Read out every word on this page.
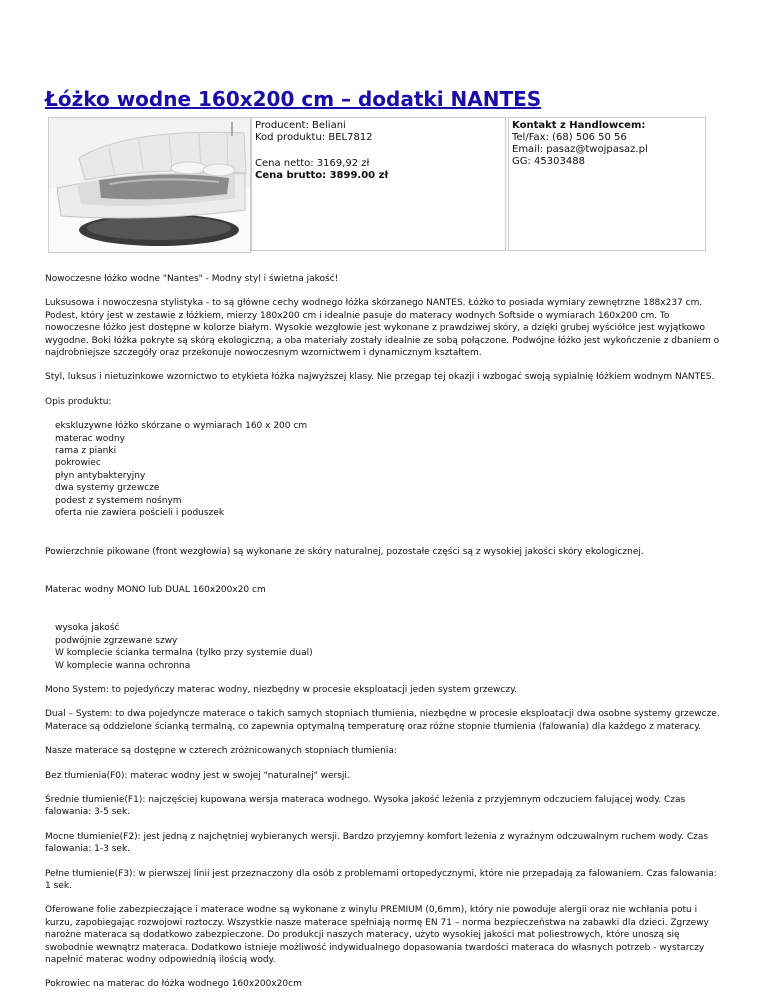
Łóżko wodne 160x200 cm – dodatki NANTES
Producent: Beliani
Kod produktu: BEL7812
Cena netto: 3169,92 zł
Cena brutto: 3899.00 zł
Kontakt z Handlowcem:
Tel/Fax: (68) 506 50 56
Email: pasaz@twojpasaz.pl
GG: 45303488

Nowoczesne łóżko wodne "Nantes" - Modny styl i świetna jakość!

Luksusowa i nowoczesna stylistyka - to są główne cechy wodnego łóżka skórzanego NANTES. Łóżko to posiada wymiary zewnętrzne 188x237 cm. Podest, który jest w zestawie z łóżkiem, mierzy 180x200 cm i idealnie pasuje do materacy wodnych Softside o wymiarach 160x200 cm. To nowoczesne łóżko jest dostępne w kolorze białym. Wysokie wezgłowie jest wykonane z prawdziwej skóry, a dzięki grubej wyściółce jest wyjątkowo wygodne. Boki łóżka pokryte są skórą ekologiczną, a oba materiały zostały idealnie ze sobą połączone. Podwójne łóżko jest wykończenie z dbaniem o najdrobniejsze szczegóły oraz przekonuje nowoczesnym wzornictwem i dynamicznym kształtem.

Styl, luksus i nietuzinkowe wzornictwo to etykieta łóżka najwyższej klasy. Nie przegap tej okazji i wzbogać swoją sypialnię łóżkiem wodnym NANTES.

Opis produktu:

ekskluzywne łóżko skórzane o wymiarach 160 x 200 cm
materac wodny
rama z pianki
pokrowiec
płyn antybakteryjny
dwa systemy grzewcze
podest z systemem nośnym
oferta nie zawiera pościeli i poduszek

Powierzchnie pikowane (front wezgłowia) są wykonane ze skóry naturalnej, pozostałe części są z wysokiej jakości skóry ekologicznej.

Materac wodny MONO lub DUAL 160x200x20 cm

wysoka jakość
podwójnie zgrzewane szwy
W komplecie ścianka termalna (tylko przy systemie dual)
W komplecie wanna ochronna

Mono System: to pojedyńczy materac wodny, niezbędny w procesie eksploatacji jeden system grzewczy.

Dual – System: to dwa pojedyncze materace o takich samych stopniach tłumienia, niezbędne w procesie eksploatacji dwa osobne systemy grzewcze. Materace są oddzielone ścianką termalną, co zapewnia optymalną temperaturę oraz różne stopnie tłumienia (falowania) dla każdego z materacy.

Nasze materace są dostępne w czterech zróżnicowanych stopniach tłumienia:

Bez tłumienia(F0): materac wodny jest w swojej "naturalnej" wersji.

Średnie tłumienie(F1): najczęściej kupowana wersja materaca wodnego. Wysoka jakość leżenia z przyjemnym odczuciem falującej wody. Czas falowania: 3-5 sek.

Mocne tłumienie(F2): jest jedną z najchętniej wybieranych wersji. Bardzo przyjemny komfort leżenia z wyraźnym odczuwalnym ruchem wody. Czas falowania: 1-3 sek.

Pełne tłumienie(F3): w pierwszej linii jest przeznaczony dla osób z problemami ortopedycznymi, które nie przepadają za falowaniem. Czas falowania: 1 sek.

Oferowane folie zabezpieczające i materace wodne są wykonane z winylu PREMIUM (0,6mm), który nie powoduje alergii oraz nie wchłania potu i kurzu, zapobiegając rozwojowi roztoczy. Wszystkie nasze materace spełniają normę EN 71 – norma bezpieczeństwa na zabawki dla dzieci. Zgrzewy narożne materaca są dodatkowo zabezpieczone. Do produkcji naszych materacy, użyto wysokiej jakości mat poliestrowych, które unoszą się swobodnie wewnątrz materaca. Dodatkowo istnieje możliwość indywidualnego dopasowania twardości materaca do własnych potrzeb - wystarczy napełnić materac wodny odpowiednią ilością wody.

Pokrowiec na materac do łóżka wodnego 160x200x20cm
